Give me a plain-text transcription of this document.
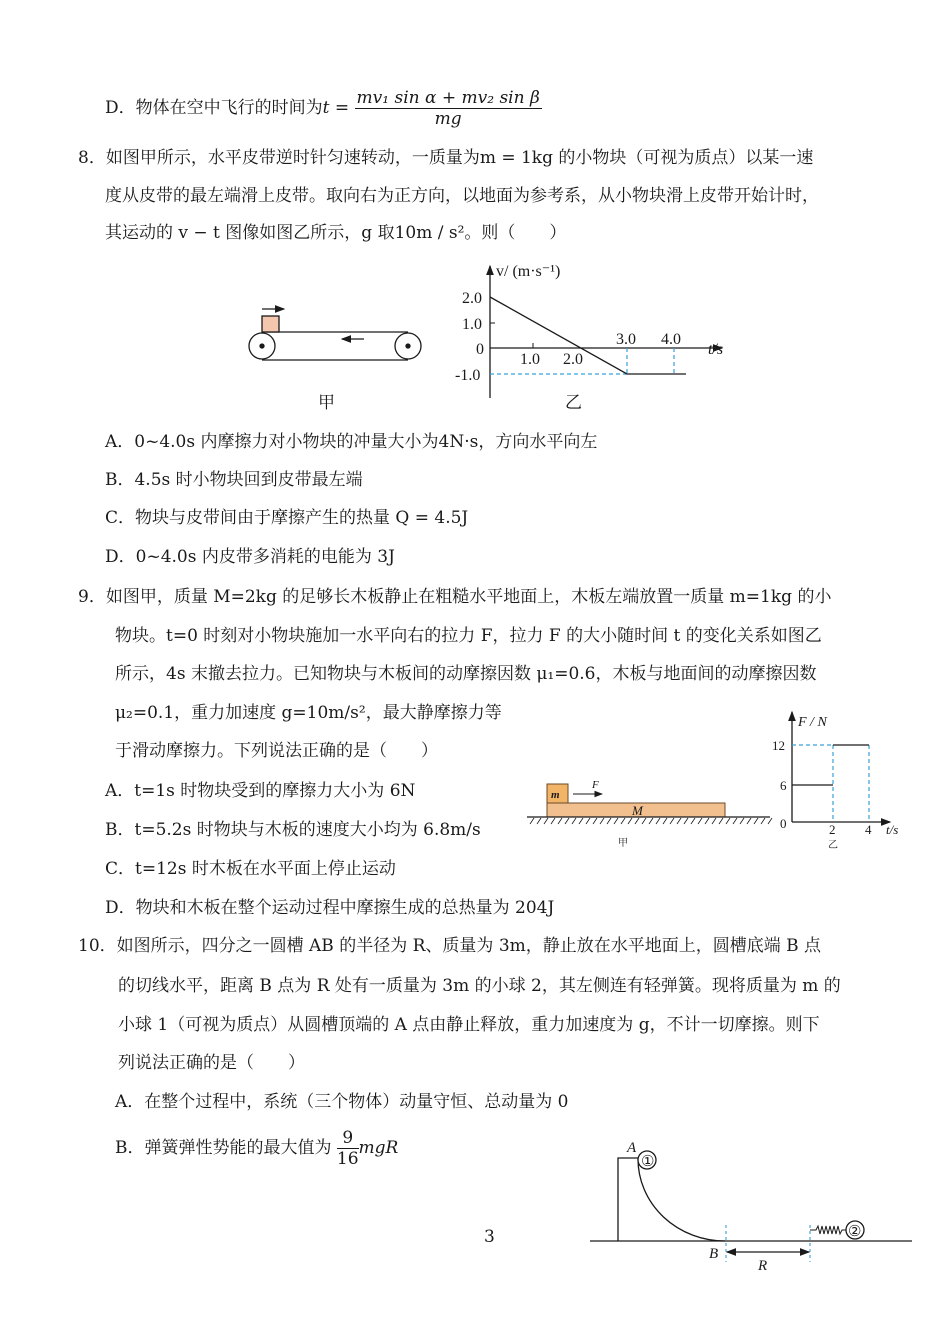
D．物体在空中飞行的时间为$t = \frac{\text{mv₁ sin α + mv₂ sin β}}{mg}$
8．如图甲所示，水平皮带逆时针匀速转动，一质量为m = 1kg 的小物块（可视为质点）以某一速
度从皮带的最左端滑上皮带。取向右为正方向，以地面为参考系，从小物块滑上皮带开始计时，
其运动的 v − t 图像如图乙所示，g 取10m / s²。则（　　）
A．0~4.0s 内摩擦力对小物块的冲量大小为4N·s，方向水平向左
B．4.5s 时小物块回到皮带最左端
C．物块与皮带间由于摩擦产生的热量 Q = 4.5J
D．0~4.0s 内皮带多消耗的电能为 3J
9．如图甲，质量 M=2kg 的足够长木板静止在粗糙水平地面上，木板左端放置一质量 m=1kg 的小
物块。t=0 时刻对小物块施加一水平向右的拉力 F，拉力 F 的大小随时间 t 的变化关系如图乙
所示，4s 末撤去拉力。已知物块与木板间的动摩擦因数 μ₁=0.6，木板与地面间的动摩擦因数
μ₂=0.1，重力加速度 g=10m/s²，最大静摩擦力等
于滑动摩擦力。下列说法正确的是（　　）
A．t=1s 时物块受到的摩擦力大小为 6N
B．t=5.2s 时物块与木板的速度大小均为 6.8m/s
C．t=12s 时木板在水平面上停止运动
D．物块和木板在整个运动过程中摩擦生成的总热量为 204J
10．如图所示，四分之一圆槽 AB 的半径为 R、质量为 3m，静止放在水平地面上，圆槽底端 B 点
的切线水平，距离 B 点为 R 处有一质量为 3m 的小球 2，其左侧连有轻弹簧。现将质量为 m 的
小球 1（可视为质点）从圆槽顶端的 A 点由静止释放，重力加速度为 g，不计一切摩擦。则下
列说法正确的是（　　）
A．在整个过程中，系统（三个物体）动量守恒、总动量为 0
B．弹簧弹性势能的最大值为 $\frac{9}{16}$ mgR
3
甲
v/ (m·s⁻¹)
t/s
2.0
1.0
0
-1.0
1.0 2.0
3.0 4.0
乙
m
M
F
甲
F / N
12
6
0	2 4 t/s
乙
①
②
A
B
R
